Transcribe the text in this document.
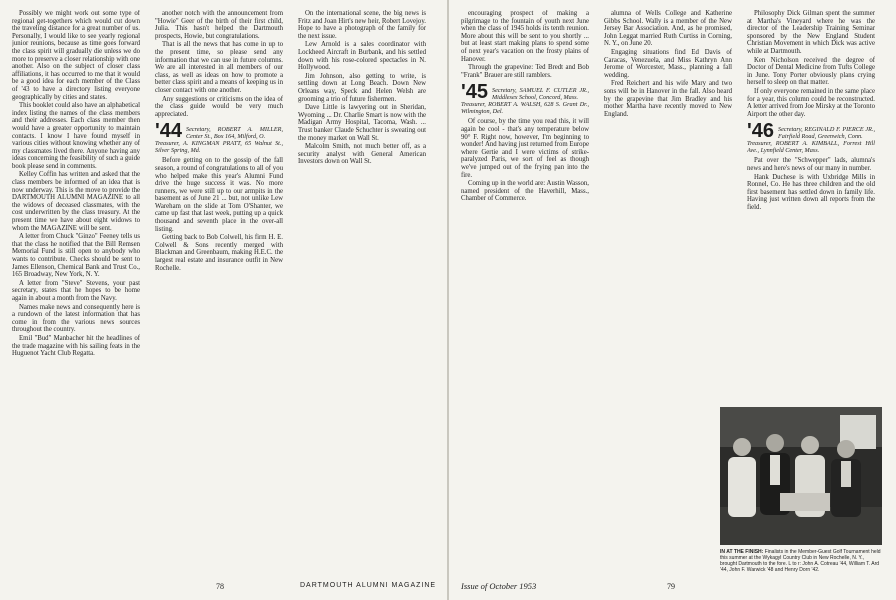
Possibly we might work out some type of regional get-togethers which would cut down the traveling distance for a great number of us. Personally, I would like to see yearly regional junior reunions, because as time goes forward the class spirit will gradually die unless we do more to preserve a closer relationship with one another. Also on the subject of closer class affiliations, it has occurred to me that it would be a good idea for each member of the Class of '43 to have a directory listing everyone geographically by cities and states.

This booklet could also have an alphabetical index listing the names of the class members and their addresses. Each class member then would have a greater opportunity to maintain contacts. I know I have found myself in various cities without knowing whether any of my classmates lived there. Anyone having any ideas concerning the feasibility of such a guide book please send in comments.

Kelley Coffin has written and asked that the class members be informed of an idea that is now underway. This is the move to provide the DARTMOUTH ALUMNI MAGAZINE to all the widows of deceased classmates, with the cost underwritten by the class treasury. At the present time we have about eight widows to whom the MAGAZINE will be sent.

A letter from Chuck "Ginzo" Feeney tells us that the class he notified that the Bill Remsen Memorial Fund is still open to anybody who wants to contribute. Checks should be sent to James Ellenson, Chemical Bank and Trust Co., 165 Broadway, New York, N. Y.

A letter from "Steve" Stevens, your past secretary, states that he hopes to be home again in about a month from the Navy.

Names make news and consequently here is a rundown of the latest information that has come in from the various news sources throughout the country.

Emil "Bud" Manbacher hit the headlines of the trade magazine with his sailing feats in the Huguenot Yacht Club Regatta.

another notch with the announcement from "Howie" Geer of the birth of their first child, Julia. This hasn't helped the Dartmouth prospects, Howie, but congratulations.

That is all the news that has come in up to the present time, so please send any information that we can use in future columns. We are all interested in all members of our class, as well as ideas on how to promote a better class spirit and a means of keeping us in closer contact with one another.

Any suggestions or criticisms on the idea of the class guide would be very much appreciated.

'44 Secretary, ROBERT A. MILLER, Center St., Box 164, Milford, O.
Treasurer, A. KINGMAN PRATT, 65 Walnut St., Silver Spring, Md.

Before getting on to the gossip of the fall season, a round of congratulations to all of you who helped make this year's Alumni Fund drive the huge success it was. No more runners, we were still up to our armpits in the basement as of June 21 ... but, not unlike Lew Wareham on the slide at Tom O'Shanter, we came up fast that last week, putting up a quick thousand and seventh place in the over-all listing.

Getting back to Bob Colwell, his firm H. E. Colwell & Sons recently merged with Blackman and Greenbaum, making H.E.C. the largest real estate and insurance outfit in New Rochelle.

On the international scene, the big news is Fritz and Joan Hirt's new heir, Robert Lovejoy. Hope to have a photograph of the family for the next issue.

Lew Arnold is a sales coordinator with Lockheed Aircraft in Burbank, and his settled down with his rose-colored spectacles in N. Hollywood.

Jim Johnson, also getting to write, is settling down at Long Beach. Down New Orleans way, Speck and Helen Welsh are grooming a trio of future fishermen.

Dave Little is lawyering out in Sheridan, Wyoming ... Dr. Charlie Smart is now with the Madigan Army Hospital, Tacoma, Wash. ... Trust banker Claude Schuchter is sweating out the money market on Wall St.

Malcolm Smith, not much better off, as a security analyst with General American Investors down on Wall St.

78	DARTMOUTH ALUMNI MAGAZINE

encouraging prospect of making a pilgrimage to the fountain of youth next June when the class of 1945 holds its tenth reunion. More about this will be sent to you shortly ... but at least start making plans to spend some of next year's vacation on the frosty plains of Hanover.

Through the grapevine: Ted Bredt and Bob "Frank" Brauer are still ramblers.

'45 Secretary, SAMUEL F. CUTLER JR., Middlesex School, Concord, Mass.
Treasurer, ROBERT A. WALSH, 628 S. Grant Dr., Wilmington, Del.

Of course, by the time you read this, it will again be cool - that's any temperature below 90° F. Right now, however, I'm beginning to wonder! And having just returned from Europe where Gertie and I were victims of strike-paralyzed Paris, we sort of feel as though we've jumped out of the frying pan into the fire.

Coming up in the world are: Austin Wasson, named president of the Haverhill, Mass., Chamber of Commerce.

alumna of Wells College and Katherine Gibbs School. Wally is a member of the New Jersey Bar Association. And, as he promised, John Leggat married Ruth Curtiss in Corning, N. Y., on June 20.

Engaging situations find Ed Davis of Caracas, Venezuela, and Miss Kathryn Ann Jerome of Worcester, Mass., planning a fall wedding.

Fred Reichert and his wife Mary and two sons will be in Hanover in the fall. Also heard by the grapevine that Jim Bradley and his mother Martha have recently moved to New England.

Philosophy Dick Gilman spent the summer at Martha's Vineyard where he was the director of the Leadership Training Seminar sponsored by the New England Student Christian Movement in which Dick was active while at Dartmouth.

Ken Nicholson received the degree of Doctor of Dental Medicine from Tufts College in June. Tony Porter obviously plans crying herself to sleep on that matter.

If only everyone remained in the same place for a year, this column could be reconstructed. A letter arrived from Joe Mirsky at the Toronto Airport the other day.

'46 Secretary, REGINALD F. PIERCE JR., Fairfield Road, Greenwich, Conn.
Treasurer, ROBERT A. KIMBALL, Forrest Hill Ave., Lynnfield Center, Mass.

Pat over the "Schwepper" lads, alumna's news and here's news of our many in number.

Hank Duchese is with Uxbridge Mills in Ronnel, Co. He has three children and the old first basement has settled down in family life. Having just written down all reports from the field.

IN AT THE FINISH: Finalists in the Member-Guest Golf Tournament held this summer at the Wykagyl Country Club in New Rochelle, N. Y., brought Dartmouth to the fore. L to r: John A. Cotreau '44, William T. Ard '44, John F. Warwick '48 and Henry Dorn '42.
Issue of October 1953	79
